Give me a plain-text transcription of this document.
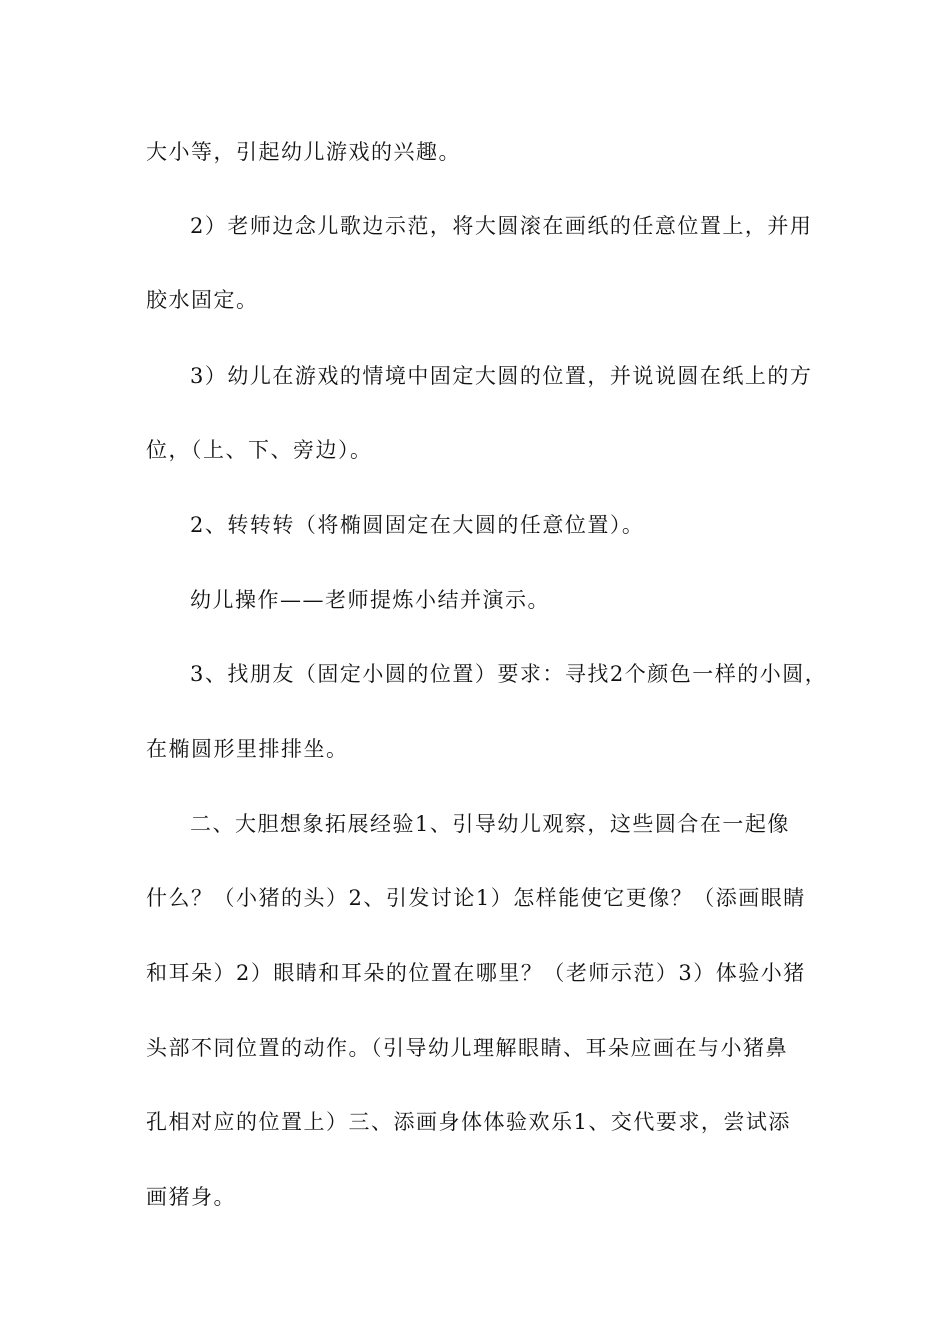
大小等，引起幼儿游戏的兴趣。
2）老师边念儿歌边示范，将大圆滚在画纸的任意位置上，并用
胶水固定。
3）幼儿在游戏的情境中固定大圆的位置，并说说圆在纸上的方
位，（上、下、旁边）。
2、转转转（将椭圆固定在大圆的任意位置）。
幼儿操作——老师提炼小结并演示。
3、找朋友（固定小圆的位置）要求：寻找2个颜色一样的小圆，
在椭圆形里排排坐。
二、大胆想象拓展经验1、引导幼儿观察，这些圆合在一起像
什么？（小猪的头）2、引发讨论1）怎样能使它更像？（添画眼睛
和耳朵）2）眼睛和耳朵的位置在哪里？（老师示范）3）体验小猪
头部不同位置的动作。（引导幼儿理解眼睛、耳朵应画在与小猪鼻
孔相对应的位置上）三、添画身体体验欢乐1、交代要求，尝试添
画猪身。
